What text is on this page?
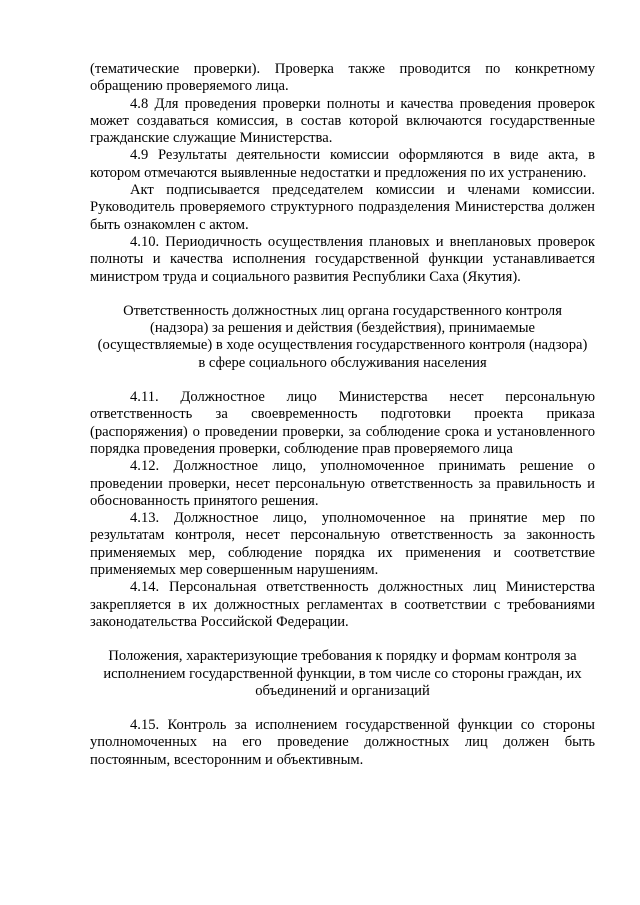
(тематические проверки). Проверка также проводится по конкретному обращению проверяемого лица.

4.8 Для проведения проверки полноты и качества проведения проверок может создаваться комиссия, в состав которой включаются государственные гражданские служащие Министерства.

4.9 Результаты деятельности комиссии оформляются в виде акта, в котором отмечаются выявленные недостатки и предложения по их устранению.

Акт подписывается председателем комиссии и членами комиссии. Руководитель проверяемого структурного подразделения Министерства должен быть ознакомлен с актом.

4.10. Периодичность осуществления плановых и внеплановых проверок полноты и качества исполнения государственной функции устанавливается министром труда и социального развития Республики Саха (Якутия).

Ответственность должностных лиц органа государственного контроля (надзора) за решения и действия (бездействия), принимаемые (осуществляемые) в ходе осуществления государственного контроля (надзора) в сфере социального обслуживания населения

4.11. Должностное лицо Министерства несет персональную ответственность за своевременность подготовки проекта приказа (распоряжения) о проведении проверки, за соблюдение срока и установленного порядка проведения проверки, соблюдение прав проверяемого лица

4.12. Должностное лицо, уполномоченное принимать решение о проведении проверки, несет персональную ответственность за правильность и обоснованность принятого решения.

4.13. Должностное лицо, уполномоченное на принятие мер по результатам контроля, несет персональную ответственность за законность применяемых мер, соблюдение порядка их применения и соответствие применяемых мер совершенным нарушениям.

4.14. Персональная ответственность должностных лиц Министерства закрепляется в их должностных регламентах в соответствии с требованиями законодательства Российской Федерации.

Положения, характеризующие требования к порядку и формам контроля за исполнением государственной функции, в том числе со стороны граждан, их объединений и организаций

4.15. Контроль за исполнением государственной функции со стороны уполномоченных на его проведение должностных лиц должен быть постоянным, всесторонним и объективным.
